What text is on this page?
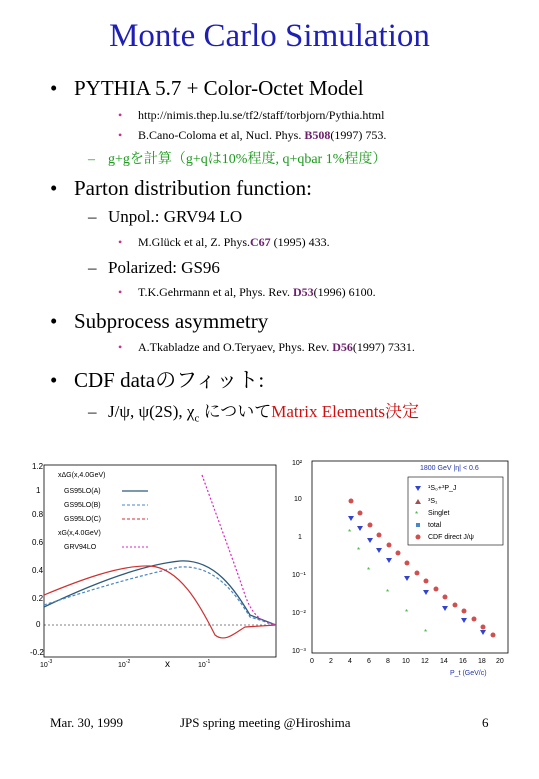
Monte Carlo Simulation
• PYTHIA 5.7 + Color-Octet Model
• http://nimis.thep.lu.se/tf2/staff/torbjorn/Pythia.html
• B.Cano-Coloma et al, Nucl. Phys. B508(1997) 753.
– g+gを計算（g+qは10%程度, q+qbar 1%程度）
• Parton distribution function:
– Unpol.: GRV94 LO
• M.Glück et al, Z. Phys.C67 (1995) 433.
– Polarized: GS96
• T.K.Gehrmann et al, Phys. Rev. D53(1996) 6100.
• Subprocess asymmetry
• A.Tkabladze and O.Teryaev, Phys. Rev. D56(1997) 7331.
• CDF dataのフィット:
– J/ψ, ψ(2S), $\chi_c$ についてMatrix Elements決定
1.2
1
0.8
0.6
0.4
0.2
0
-0.2
$10^{-3}$	$10^{-2}$	$10^{-1}$
x
xΔG(x,4.0GeV)
GS95LO(A)
GS95LO(B)
GS95LO(C)
xG(x,4.0GeV)
GRV94LO
1800 GeV |η| < 0.6
10²
10
1
10⁻¹
10⁻²
10⁻³
0 2 4 6 8 10 12 14 16 18 20
P_t (GeV/c)
*
*
*
*
*
*
¹S₀+³P_J
³S₁
* Singlet
total
CDF direct J/ψ
Mar. 30, 1999	JPS spring meeting @Hiroshima	6
